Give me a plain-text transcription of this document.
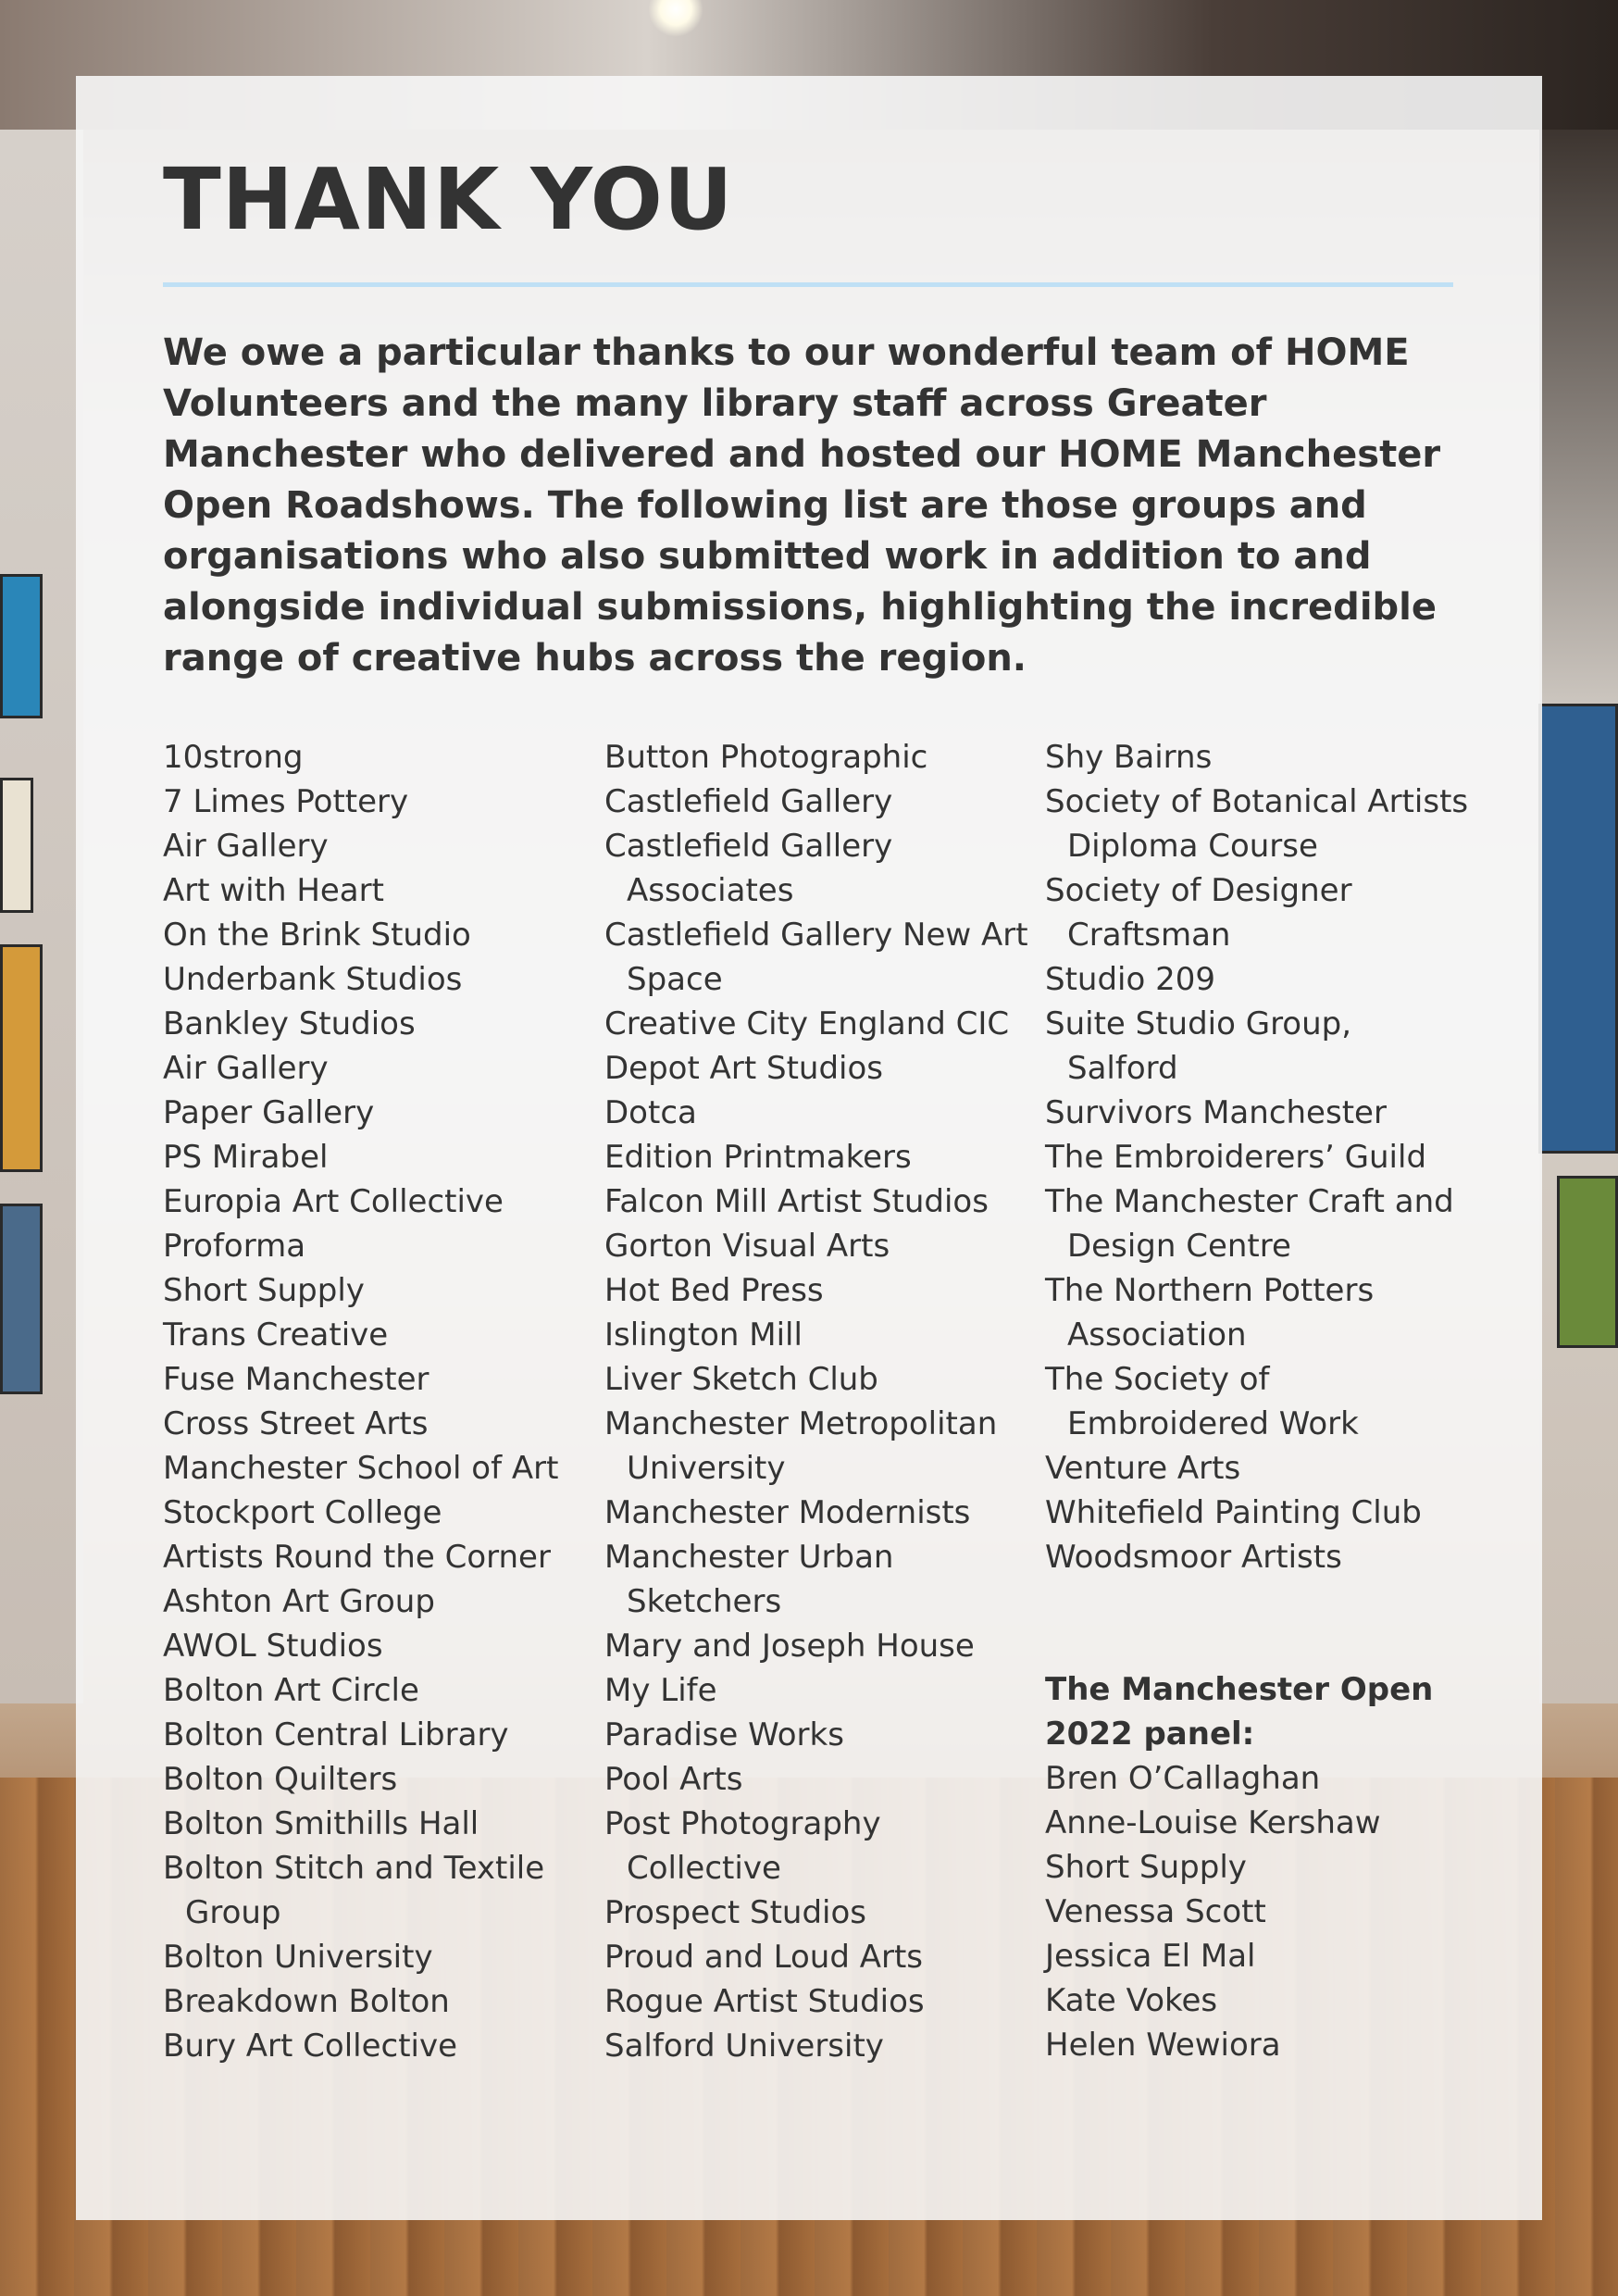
THANK YOU

We owe a particular thanks to our wonderful team of HOME Volunteers and the many library staff across Greater Manchester who delivered and hosted our HOME Manchester Open Roadshows. The following list are those groups and organisations who also submitted work in addition to and alongside individual submissions, highlighting the incredible range of creative hubs across the region.

10strong
7 Limes Pottery
Air Gallery
Art with Heart
On the Brink Studio
Underbank Studios
Bankley Studios
Air Gallery
Paper Gallery
PS Mirabel
Europia Art Collective
Proforma
Short Supply
Trans Creative
Fuse Manchester
Cross Street Arts
Manchester School of Art
Stockport College
Artists Round the Corner
Ashton Art Group
AWOL Studios
Bolton Art Circle
Bolton Central Library
Bolton Quilters
Bolton Smithills Hall
Bolton Stitch and Textile
Group
Bolton University
Breakdown Bolton
Bury Art Collective
Button Photographic
Castlefield Gallery
Castlefield Gallery
Associates
Castlefield Gallery New Art
Space
Creative City England CIC
Depot Art Studios
Dotca
Edition Printmakers
Falcon Mill Artist Studios
Gorton Visual Arts
Hot Bed Press
Islington Mill
Liver Sketch Club
Manchester Metropolitan
University
Manchester Modernists
Manchester Urban
Sketchers
Mary and Joseph House
My Life
Paradise Works
Pool Arts
Post Photography
Collective
Prospect Studios
Proud and Loud Arts
Rogue Artist Studios
Salford University
Shy Bairns
Society of Botanical Artists
Diploma Course
Society of Designer
Craftsman
Studio 209
Suite Studio Group,
Salford
Survivors Manchester
The Embroiderers’ Guild
The Manchester Craft and
Design Centre
The Northern Potters
Association
The Society of
Embroidered Work
Venture Arts
Whitefield Painting Club
Woodsmoor Artists
The Manchester Open
2022 panel:
Bren O’Callaghan
Anne-Louise Kershaw
Short Supply
Venessa Scott
Jessica El Mal
Kate Vokes
Helen Wewiora
